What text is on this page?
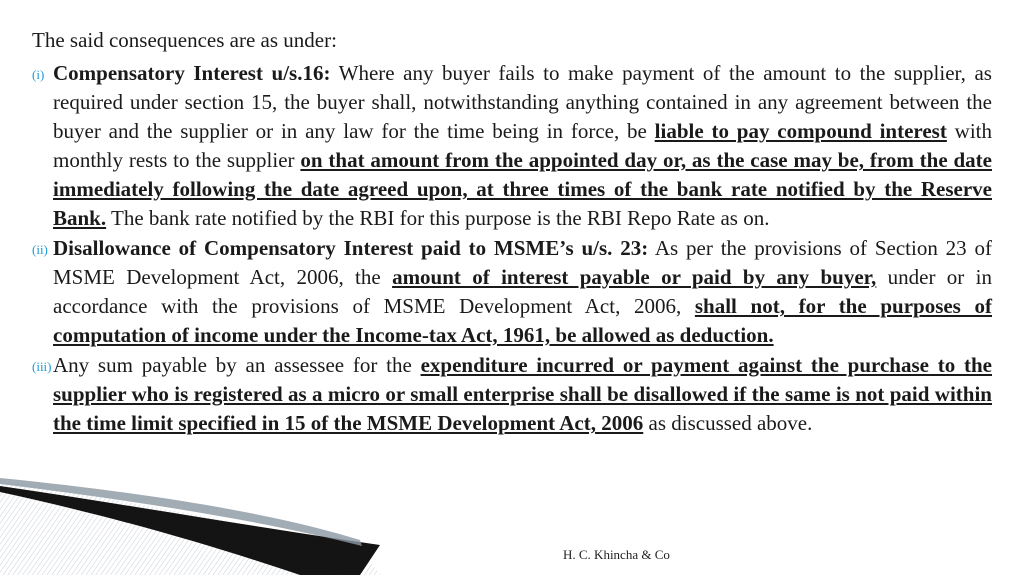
The said consequences are as under:
(i) Compensatory Interest u/s.16: Where any buyer fails to make payment of the amount to the supplier, as required under section 15, the buyer shall, notwithstanding anything contained in any agreement between the buyer and the supplier or in any law for the time being in force, be liable to pay compound interest with monthly rests to the supplier on that amount from the appointed day or, as the case may be, from the date immediately following the date agreed upon, at three times of the bank rate notified by the Reserve Bank. The bank rate notified by the RBI for this purpose is the RBI Repo Rate as on.
(ii) Disallowance of Compensatory Interest paid to MSME’s u/s. 23: As per the provisions of Section 23 of MSME Development Act, 2006, the amount of interest payable or paid by any buyer, under or in accordance with the provisions of MSME Development Act, 2006, shall not, for the purposes of computation of income under the Income-tax Act, 1961, be allowed as deduction.
(iii) Any sum payable by an assessee for the expenditure incurred or payment against the purchase to the supplier who is registered as a micro or small enterprise shall be disallowed if the same is not paid within the time limit specified in 15 of the MSME Development Act, 2006 as discussed above.
H. C. Khincha & Co
